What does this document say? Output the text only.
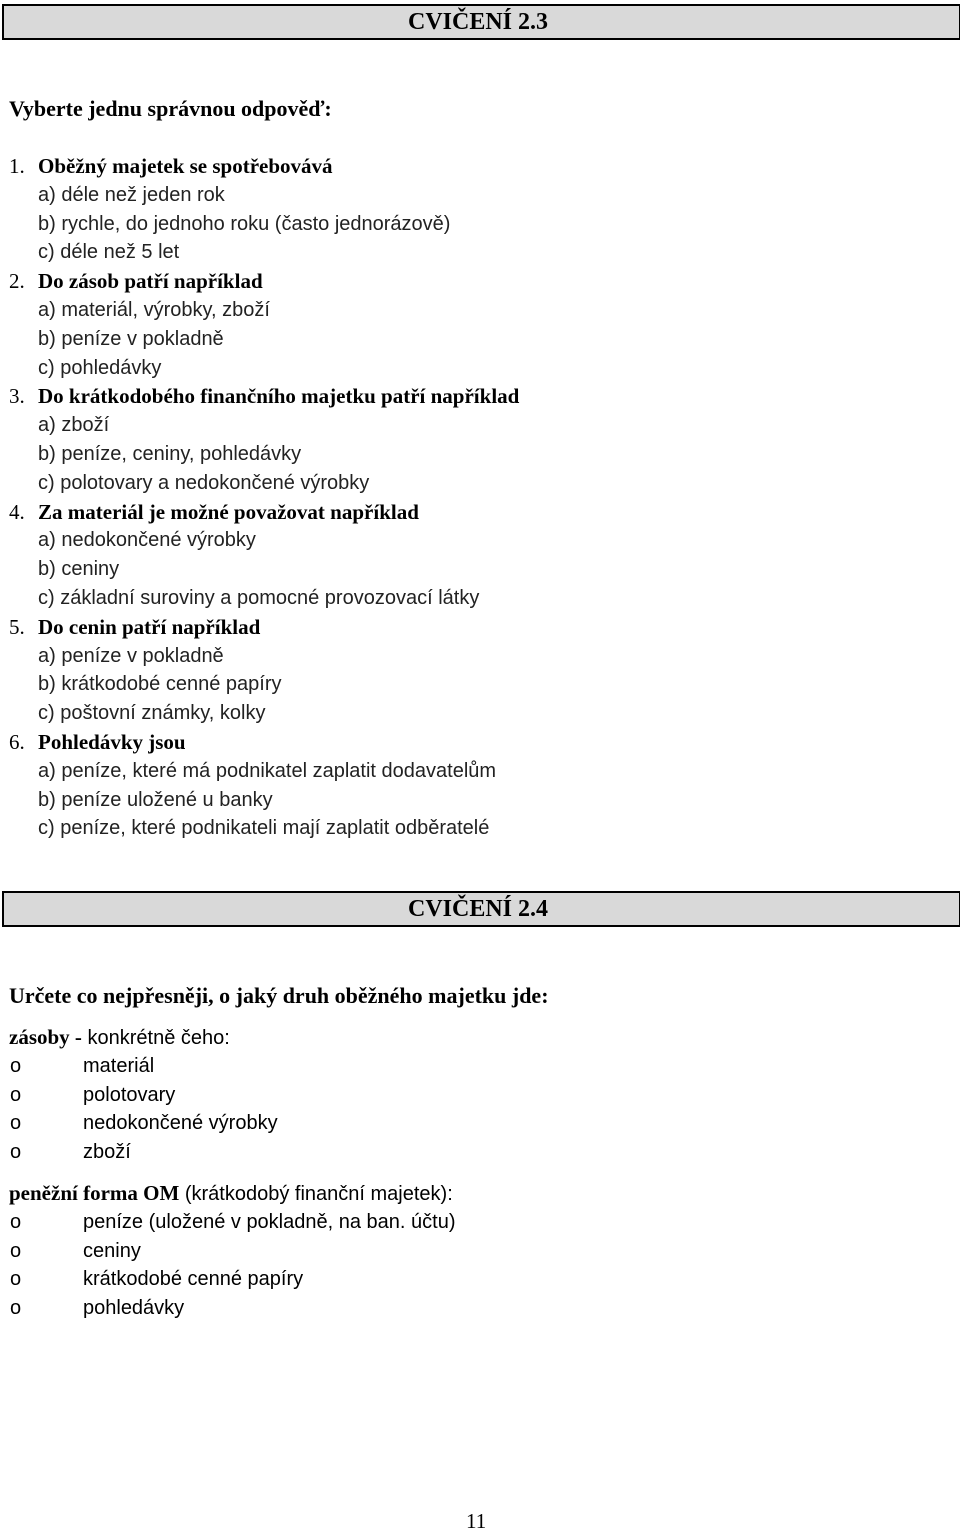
CVIČENÍ 2.3
Vyberte jednu správnou odpověď:
1. Oběžný majetek se spotřebovává
a) déle než jeden rok
b) rychle, do jednoho roku (často jednorázově)
c) déle než 5 let
2. Do zásob patří například
a) materiál, výrobky, zboží
b) peníze v pokladně
c) pohledávky
3. Do krátkodobého finančního majetku patří například
a) zboží
b) peníze, ceniny, pohledávky
c) polotovary a nedokončené výrobky
4. Za materiál je možné považovat například
a) nedokončené výrobky
b) ceniny
c) základní suroviny a pomocné provozovací látky
5. Do cenin patří například
a) peníze v pokladně
b) krátkodobé cenné papíry
c) poštovní známky, kolky
6. Pohledávky jsou
a) peníze, které má podnikatel zaplatit dodavatelům
b) peníze uložené u banky
c) peníze, které podnikateli mají zaplatit odběratelé
CVIČENÍ 2.4
Určete co nejpřesněji, o jaký druh oběžného majetku jde:
zásoby - konkrétně čeho:
o	materiál
o	polotovary
o	nedokončené výrobky
o	zboží
peněžní forma OM (krátkodobý finanční majetek):
o	peníze (uložené v pokladně, na ban. účtu)
o	ceniny
o	krátkodobé cenné papíry
o	pohledávky
11
